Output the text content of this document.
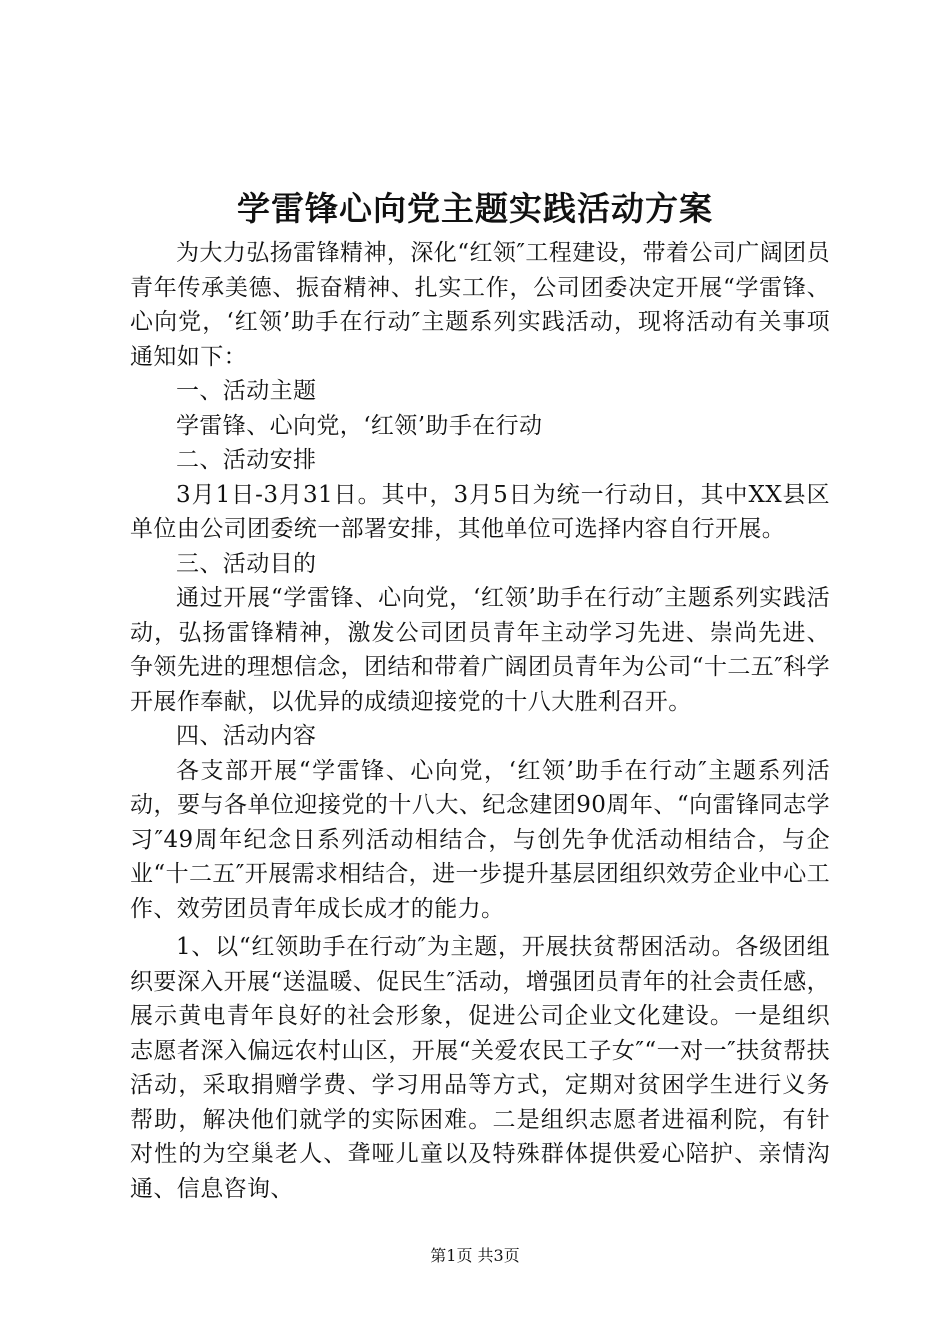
学雷锋心向党主题实践活动方案

为大力弘扬雷锋精神，深化“红领″工程建设，带着公司广阔团员青年传承美德、振奋精神、扎实工作，公司团委决定开展“学雷锋、心向党，‘红领’助手在行动″主题系列实践活动，现将活动有关事项通知如下：

一、活动主题

学雷锋、心向党，‘红领’助手在行动

二、活动安排

3月1日-3月31日。其中，3月5日为统一行动日，其中XX县区单位由公司团委统一部署安排，其他单位可选择内容自行开展。

三、活动目的

通过开展“学雷锋、心向党，‘红领’助手在行动″主题系列实践活动，弘扬雷锋精神，激发公司团员青年主动学习先进、崇尚先进、争领先进的理想信念，团结和带着广阔团员青年为公司“十二五″科学开展作奉献，以优异的成绩迎接党的十八大胜利召开。

四、活动内容

各支部开展“学雷锋、心向党，‘红领’助手在行动″主题系列活动，要与各单位迎接党的十八大、纪念建团90周年、“向雷锋同志学习″49周年纪念日系列活动相结合，与创先争优活动相结合，与企业“十二五″开展需求相结合，进一步提升基层团组织效劳企业中心工作、效劳团员青年成长成才的能力。

1、以“红领助手在行动″为主题，开展扶贫帮困活动。各级团组织要深入开展“送温暖、促民生″活动，增强团员青年的社会责任感，展示黄电青年良好的社会形象，促进公司企业文化建设。一是组织志愿者深入偏远农村山区，开展“关爱农民工子女″“一对一″扶贫帮扶活动，采取捐赠学费、学习用品等方式，定期对贫困学生进行义务帮助，解决他们就学的实际困难。二是组织志愿者进福利院，有针对性的为空巢老人、聋哑儿童以及特殊群体提供爱心陪护、亲情沟通、信息咨询、

第1页 共3页
